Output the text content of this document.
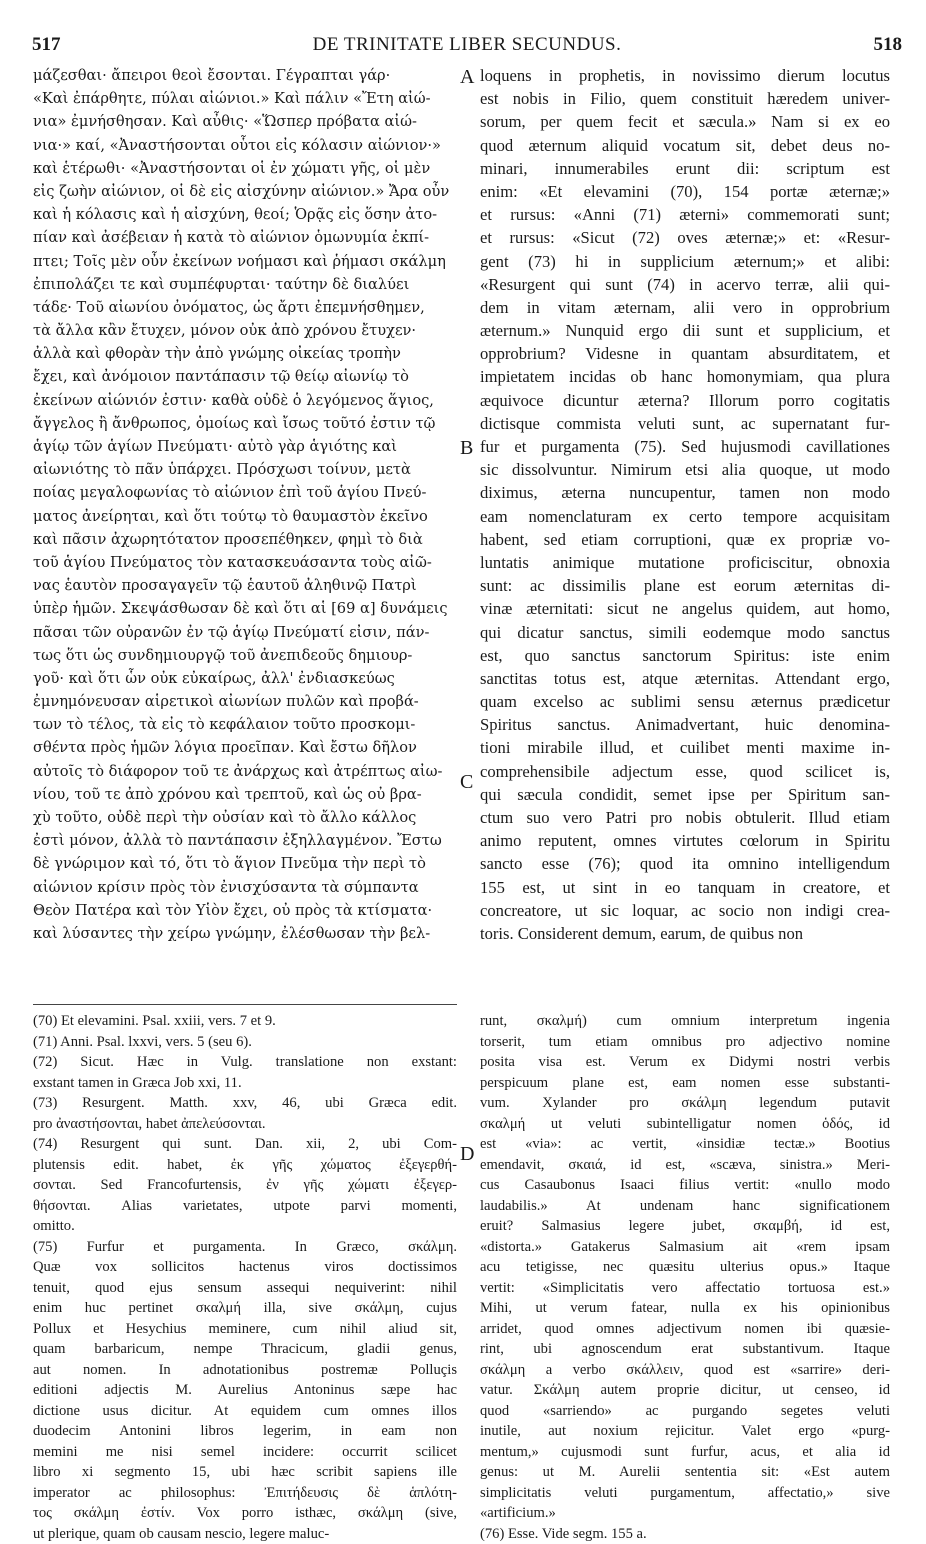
517	DE TRINITATE LIBER SECUNDUS.	518
μάζεσθαι· ἄπειροι θεοὶ ἔσονται. Γέγραπται γάρ·
«Καὶ ἐπάρθητε, πύλαι αἰώνιοι.» Καὶ πάλιν «Ἔτη αἰώ-
νια» ἐμνήσθησαν. Καὶ αὖθις· «Ὥσπερ πρόβατα αἰώ-
νια·» καί, «Ἀναστήσονται οὗτοι εἰς κόλασιν αἰώνιον·»
καὶ ἑτέρωθι· «Ἀναστήσονται οἱ ἐν χώματι γῆς, οἱ μὲν
εἰς ζωὴν αἰώνιον, οἱ δὲ εἰς αἰσχύνην αἰώνιον.» Ἄρα οὖν
καὶ ἡ κόλασις καὶ ἡ αἰσχύνη, θεοί; Ὁρᾷς εἰς ὅσην ἀτο-
πίαν καὶ ἀσέβειαν ἡ κατὰ τὸ αἰώνιον ὁμωνυμία ἐκπί-
πτει; Τοῖς μὲν οὖν ἐκείνων νοήμασι καὶ ῥήμασι σκάλμη
ἐπιπολάζει τε καὶ συμπέφυρται· ταύτην δὲ διαλύει
τάδε· Τοῦ αἰωνίου ὀνόματος, ὡς ἄρτι ἐπεμνήσθημεν,
τὰ ἄλλα κἂν ἔτυχεν, μόνον οὐκ ἀπὸ χρόνου ἔτυχεν·
ἀλλὰ καὶ φθορὰν τὴν ἀπὸ γνώμης οἰκείας τροπὴν
ἔχει, καὶ ἀνόμοιον παντάπασιν τῷ θείῳ αἰωνίῳ τὸ
ἐκείνων αἰώνιόν ἐστιν· καθὰ οὐδὲ ὁ λεγόμενος ἅγιος,
ἄγγελος ἢ ἄνθρωπος, ὁμοίως καὶ ἴσως τοῦτό ἐστιν τῷ
ἁγίῳ τῶν ἁγίων Πνεύματι· αὐτὸ γὰρ ἁγιότης καὶ
αἰωνιότης τὸ πᾶν ὑπάρχει. Πρόσχωσι τοίνυν, μετὰ
ποίας μεγαλοφωνίας τὸ αἰώνιον ἐπὶ τοῦ ἁγίου Πνεύ-
ματος ἀνείρηται, καὶ ὅτι τούτῳ τὸ θαυμαστὸν ἐκεῖνο
καὶ πᾶσιν ἀχωρητότατον προσεπέθηκεν, φημὶ τὸ διὰ
τοῦ ἁγίου Πνεύματος τὸν κατασκευάσαντα τοὺς αἰῶ-
νας ἑαυτὸν προσαγαγεῖν τῷ ἑαυτοῦ ἀληθινῷ Πατρὶ
ὑπὲρ ἡμῶν. Σκεψάσθωσαν δὲ καὶ ὅτι αἱ [69 α] δυνάμεις
πᾶσαι τῶν οὐρανῶν ἐν τῷ ἁγίῳ Πνεύματί εἰσιν, πάν-
τως ὅτι ὡς συνδημιουργῷ τοῦ ἀνεπιδεοῦς δημιουρ-
γοῦ· καὶ ὅτι ὧν οὐκ εὐκαίρως, ἀλλ' ἐνδιασκεύως
ἐμνημόνευσαν αἱρετικοὶ αἰωνίων πυλῶν καὶ προβά-
των τὸ τέλος, τὰ εἰς τὸ κεφάλαιον τοῦτο προσκομι-
σθέντα πρὸς ἡμῶν λόγια προεῖπαν. Καὶ ἔστω δῆλον
αὐτοῖς τὸ διάφορον τοῦ τε ἀνάρχως καὶ ἀτρέπτως αἰω-
νίου, τοῦ τε ἀπὸ χρόνου καὶ τρεπτοῦ, καὶ ὡς οὐ βρα-
χὺ τοῦτο, οὐδὲ περὶ τὴν οὐσίαν καὶ τὸ ἄλλο κάλλος
ἐστὶ μόνον, ἀλλὰ τὸ παντάπασιν ἐξηλλαγμένον. Ἔστω
δὲ γνώριμον καὶ τό, ὅτι τὸ ἅγιον Πνεῦμα τὴν περὶ τὸ
αἰώνιον κρίσιν πρὸς τὸν ἐνισχύσαντα τὰ σύμπαντα
Θεὸν Πατέρα καὶ τὸν Υἱὸν ἔχει, οὐ πρὸς τὰ κτίσματα·
καὶ λύσαντες τὴν χείρω γνώμην, ἐλέσθωσαν τὴν βελ-
loquens in prophetis, in novissimo dierum locutus
est nobis in Filio, quem constituit hæredem univer-
sorum, per quem fecit et sæcula.» Nam si ex eo
quod æternum aliquid vocatum sit, debet deus no-
minari, innumerabiles erunt dii: scriptum est
enim: «Et elevamini (70), 154 portæ æternæ;»
et rursus: «Anni (71) æterni» commemorati sunt;
et rursus: «Sicut (72) oves æternæ;» et: «Resur-
gent (73) hi in supplicium æternum;» et alibi:
«Resurgent qui sunt (74) in acervo terræ, alii qui-
dem in vitam æternam, alii vero in opprobrium
æternum.» Nunquid ergo dii sunt et supplicium, et
opprobrium? Videsne in quantam absurditatem, et
impietatem incidas ob hanc homonymiam, qua plura
æquivoce dicuntur æterna? Illorum porro cogitatis
dictisque commista veluti sunt, ac supernatant fur-
fur et purgamenta (75). Sed hujusmodi cavillationes
sic dissolvuntur. Nimirum etsi alia quoque, ut modo
diximus, æterna nuncupentur, tamen non modo
eam nomenclaturam ex certo tempore acquisitam
habent, sed etiam corruptioni, quæ ex propriæ vo-
luntatis animique mutatione proficiscitur, obnoxia
sunt: ac dissimilis plane est eorum æternitas di-
vinæ æternitati: sicut ne angelus quidem, aut homo,
qui dicatur sanctus, simili eodemque modo sanctus
est, quo sanctus sanctorum Spiritus: iste enim
sanctitas totus est, atque æternitas. Attendant ergo,
quam excelso ac sublimi sensu æternus prædicetur
Spiritus sanctus. Animadvertant, huic denomina-
tioni mirabile illud, et cuilibet menti maxime in-
comprehensibile adjectum esse, quod scilicet is,
qui sæcula condidit, semet ipse per Spiritum san-
ctum suo vero Patri pro nobis obtulerit. Illud etiam
animo reputent, omnes virtutes cœlorum in Spiritu
sancto esse (76); quod ita omnino intelligendum
155 est, ut sint in eo tanquam in creatore, et
concreatore, ut sic loquar, ac socio non indigi crea-
toris. Considerent demum, earum, de quibus non
A
B
C
D
(70) Et elevamini. Psal. xxiii, vers. 7 et 9.
(71) Anni. Psal. lxxvi, vers. 5 (seu 6).
(72) Sicut. Hæc in Vulg. translatione non exstant:
exstant tamen in Græca Job xxi, 11.
(73) Resurgent. Matth. xxv, 46, ubi Græca edit.
pro ἀναστήσονται, habet ἀπελεύσονται.
(74) Resurgent qui sunt. Dan. xii, 2, ubi Com-
plutensis edit. habet, ἐκ γῆς χώματος ἐξεγερθή-
σονται. Sed Francofurtensis, ἐν γῆς χώματι ἐξεγερ-
θήσονται. Alias varietates, utpote parvi momenti,
omitto.
(75) Furfur et purgamenta. In Græco, σκάλμη.
Quæ vox sollicitos hactenus viros doctissimos
tenuit, quod ejus sensum assequi nequiverint: nihil
enim huc pertinet σκαλμή illa, sive σκάλμη, cujus
Pollux et Hesychius meminere, cum nihil aliud sit,
quam barbaricum, nempe Thracicum, gladii genus,
aut nomen. In adnotationibus postremæ Polluçis
editioni adjectis M. Aurelius Antoninus sæpe hac
dictione usus dicitur. At equidem cum omnes illos
duodecim Antonini libros legerim, in eam non
memini me nisi semel incidere: occurrit scilicet
libro xi segmento 15, ubi hæc scribit sapiens ille
imperator ac philosophus: Ἐπιτήδευσις δὲ ἁπλότη-
τος σκάλμη ἐστίν. Vox porro isthæc, σκάλμη (sive,
ut plerique, quam ob causam nescio, legere maluc-
runt, σκαλμή) cum omnium interpretum ingenia
torserit, tum etiam omnibus pro adjectivo nomine
posita visa est. Verum ex Didymi nostri verbis
perspicuum plane est, eam nomen esse substanti-
vum. Xylander pro σκάλμη legendum putavit
σκαλμή ut veluti subintelligatur nomen ὁδός, id
est «via»: ac vertit, «insidiæ tectæ.» Bootius
emendavit, σκαιά, id est, «scæva, sinistra.» Meri-
cus Casaubonus Isaaci filius vertit: «nullo modo
laudabilis.» At undenam hanc significationem
eruit? Salmasius legere jubet, σκαμβή, id est,
«distorta.» Gatakerus Salmasium ait «rem ipsam
acu tetigisse, nec quæsitu ulterius opus.» Itaque
vertit: «Simplicitatis vero affectatio tortuosa est.»
Mihi, ut verum fatear, nulla ex his opinionibus
arridet, quod omnes adjectivum nomen ibi quæsie-
rint, ubi agnoscendum erat substantivum. Itaque
σκάλμη a verbo σκάλλειν, quod est «sarrire» deri-
vatur. Σκάλμη autem proprie dicitur, ut censeo, id
quod «sarriendo» ac purgando segetes veluti
inutile, aut noxium rejicitur. Valet ergo «purg-
mentum,» cujusmodi sunt furfur, acus, et alia id
genus: ut M. Aurelii sententia sit: «Est autem
simplicitatis veluti purgamentum, affectatio,» sive
«artificium.»
(76) Esse. Vide segm. 155 a.
